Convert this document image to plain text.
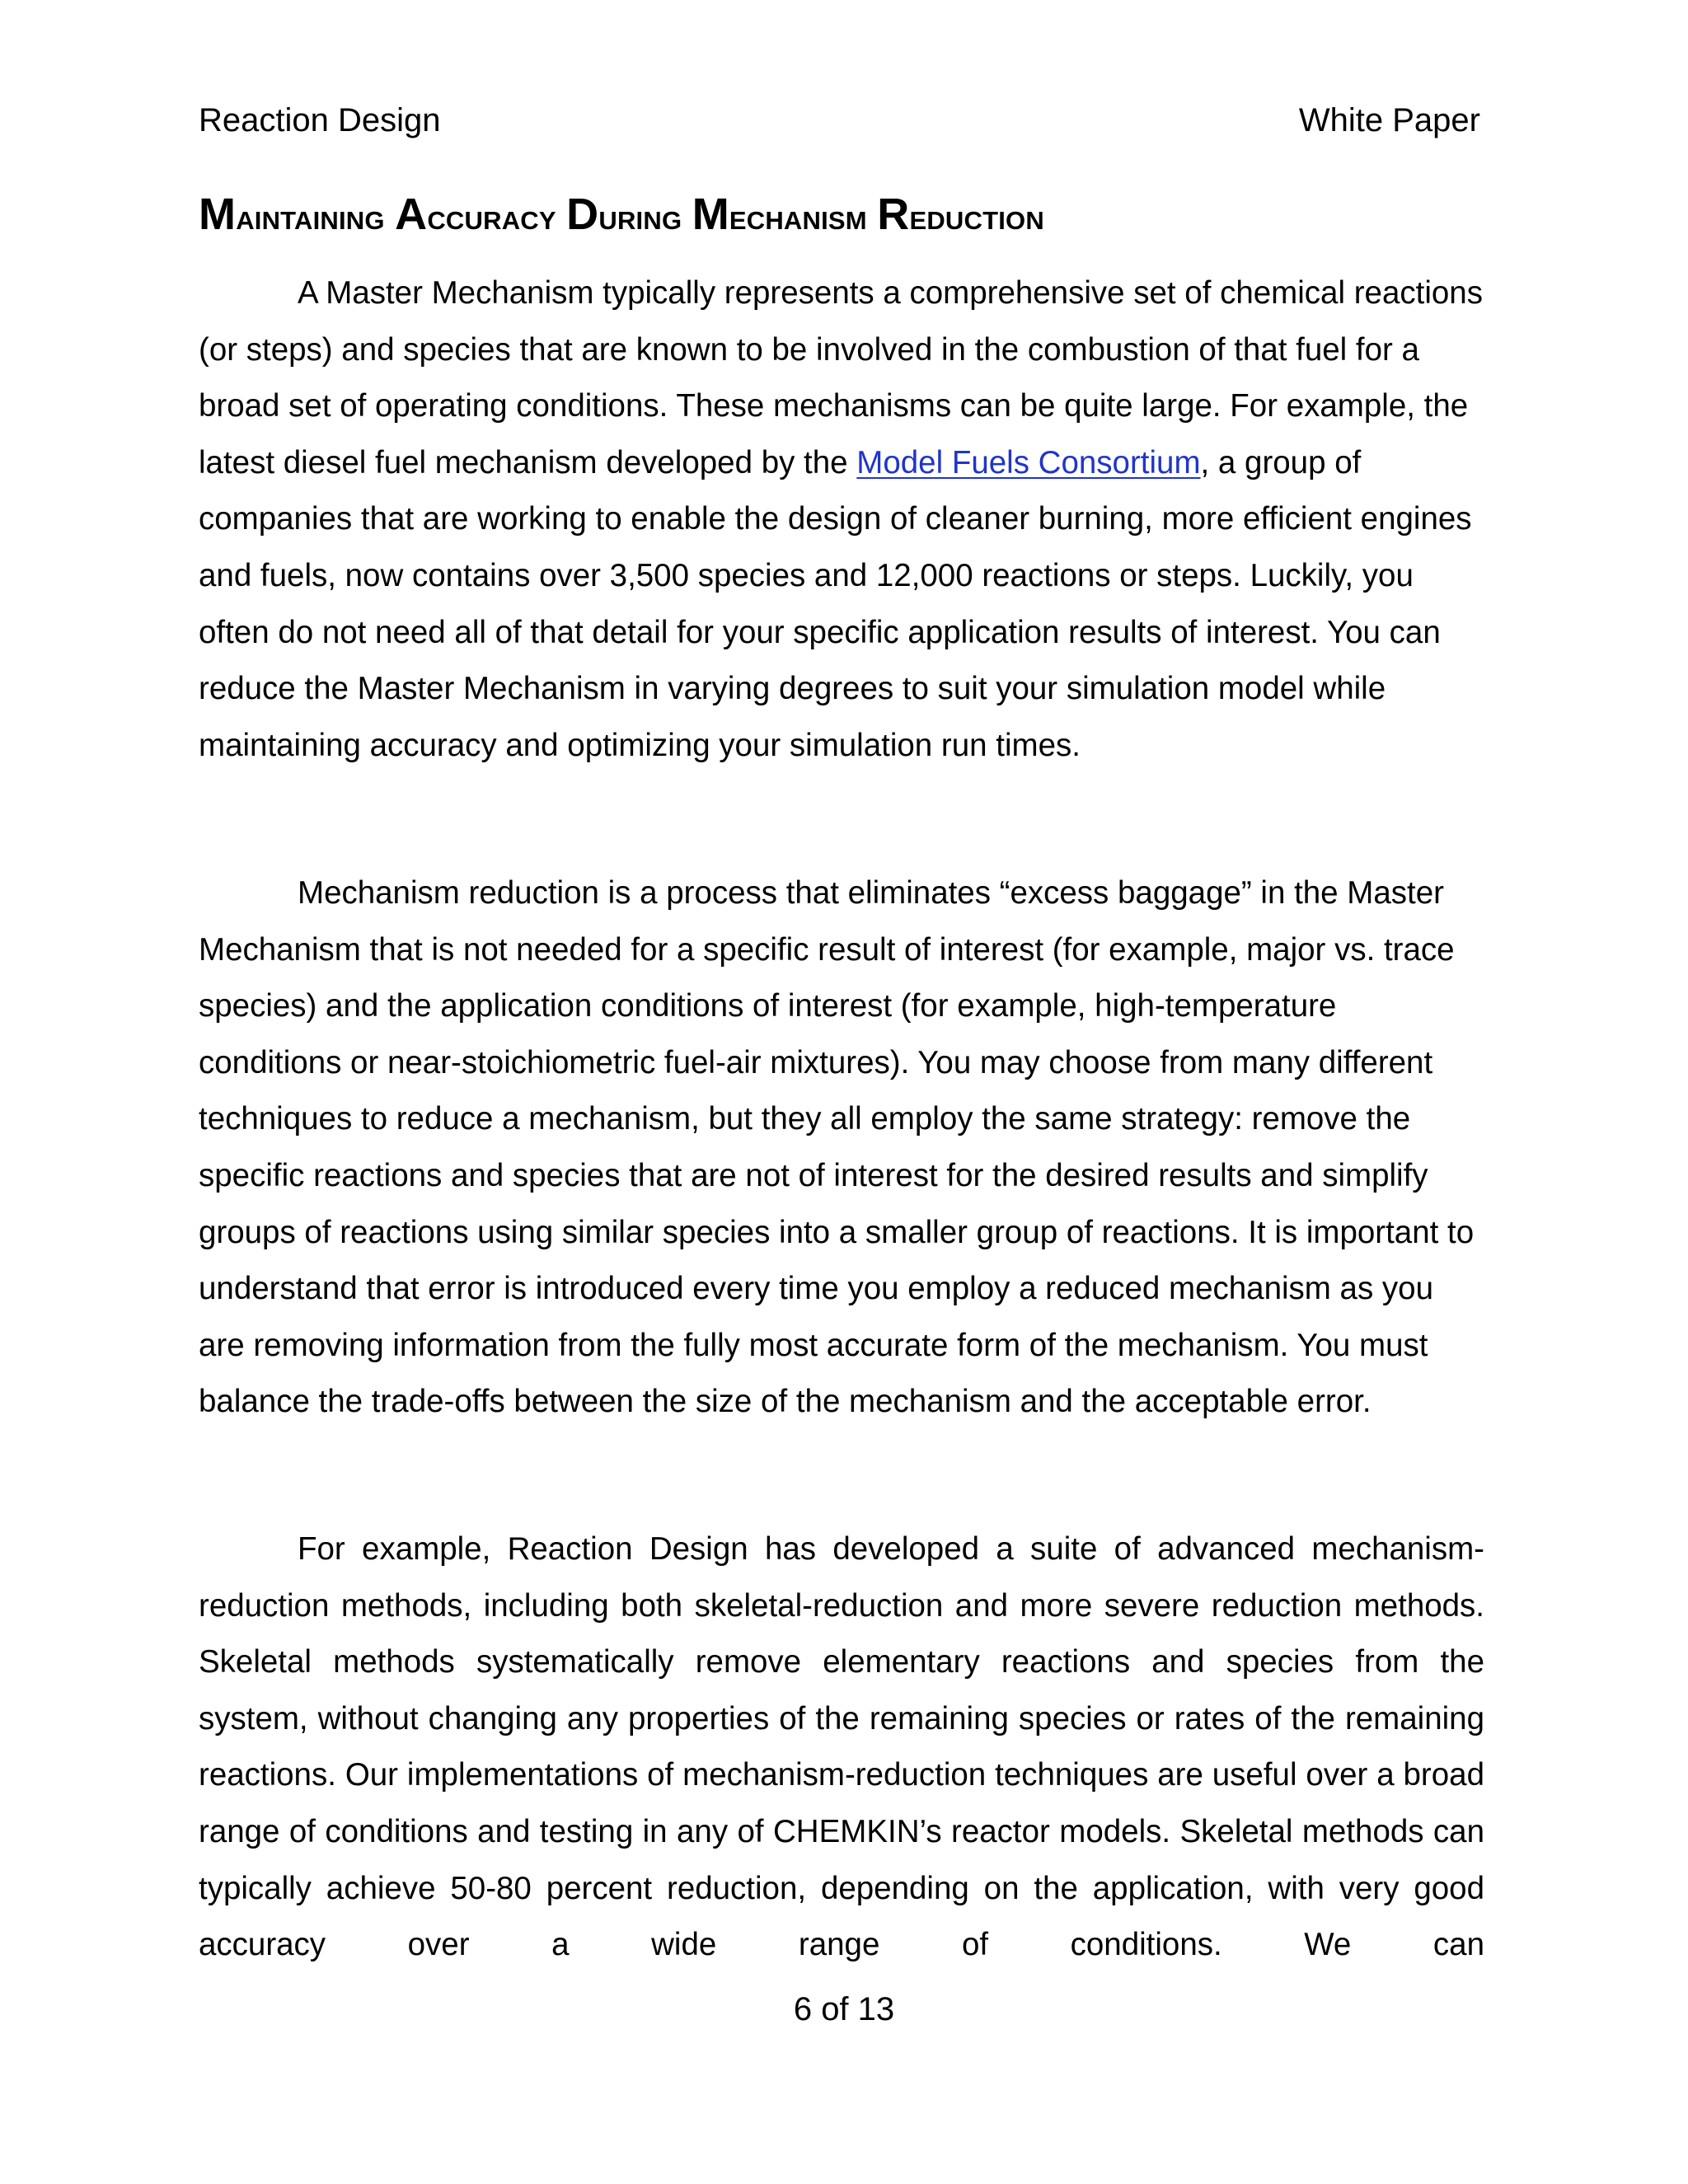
Reaction Design	White Paper
Maintaining Accuracy During Mechanism Reduction

A Master Mechanism typically represents a comprehensive set of chemical reactions (or steps) and species that are known to be involved in the combustion of that fuel for a broad set of operating conditions. These mechanisms can be quite large. For example, the latest diesel fuel mechanism developed by the Model Fuels Consortium, a group of companies that are working to enable the design of cleaner burning, more efficient engines and fuels, now contains over 3,500 species and 12,000 reactions or steps. Luckily, you often do not need all of that detail for your specific application results of interest. You can reduce the Master Mechanism in varying degrees to suit your simulation model while maintaining accuracy and optimizing your simulation run times.

Mechanism reduction is a process that eliminates “excess baggage” in the Master Mechanism that is not needed for a specific result of interest (for example, major vs. trace species) and the application conditions of interest (for example, high-temperature conditions or near-stoichiometric fuel-air mixtures). You may choose from many different techniques to reduce a mechanism, but they all employ the same strategy: remove the specific reactions and species that are not of interest for the desired results and simplify groups of reactions using similar species into a smaller group of reactions. It is important to understand that error is introduced every time you employ a reduced mechanism as you are removing information from the fully most accurate form of the mechanism. You must balance the trade-offs between the size of the mechanism and the acceptable error.

For example, Reaction Design has developed a suite of advanced mechanism-reduction methods, including both skeletal-reduction and more severe reduction methods. Skeletal methods systematically remove elementary reactions and species from the system, without changing any properties of the remaining species or rates of the remaining reactions. Our implementations of mechanism-reduction techniques are useful over a broad range of conditions and testing in any of CHEMKIN’s reactor models. Skeletal methods can typically achieve 50-80 percent reduction, depending on the application, with very good accuracy over a wide range of conditions. We can

6 of 13
